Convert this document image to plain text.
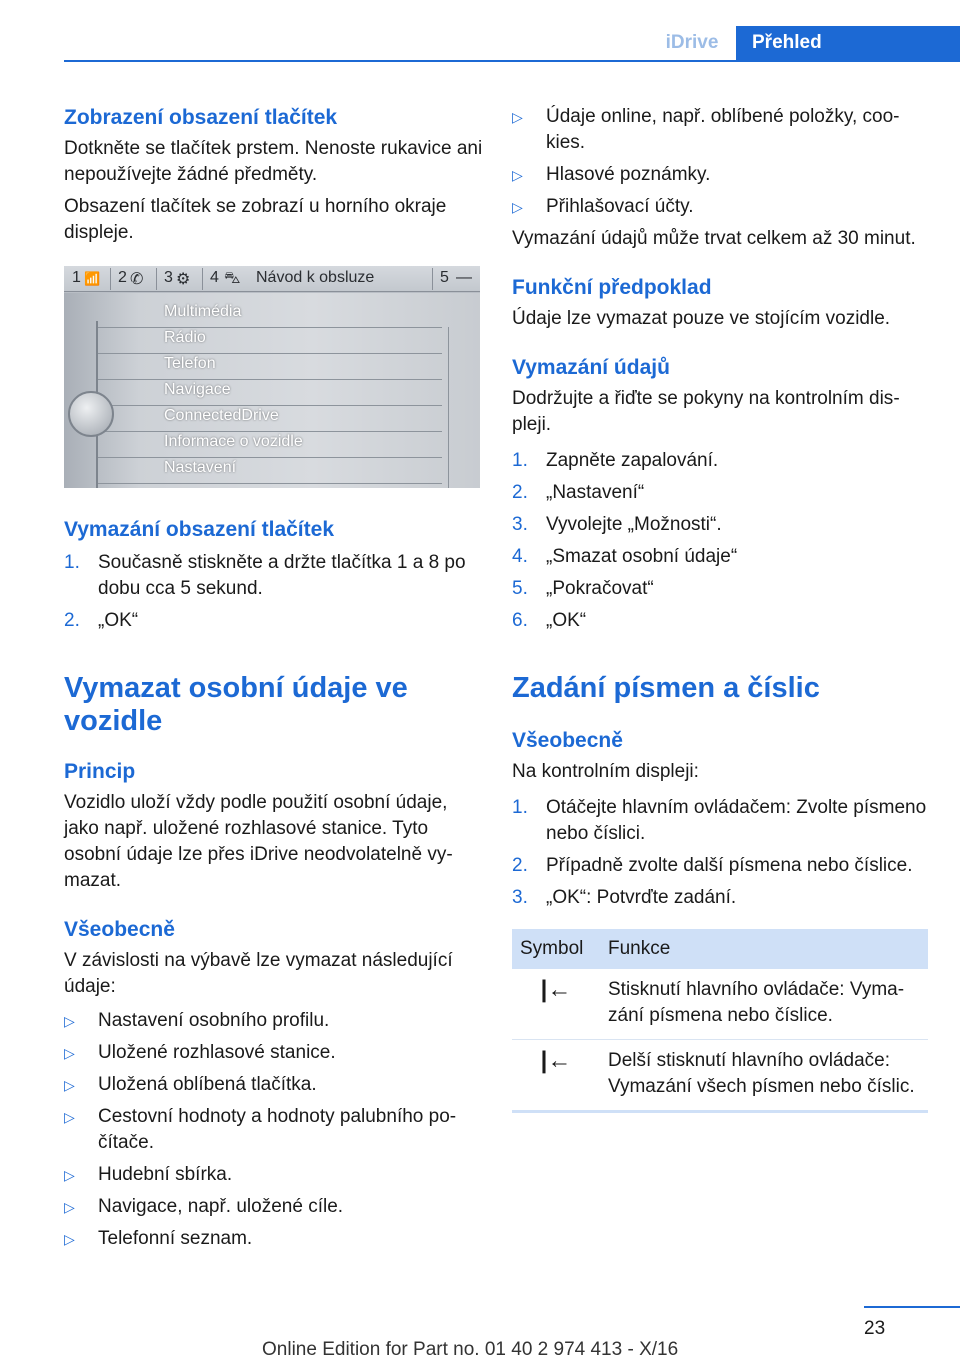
iDrive	Přehled
Zobrazení obsazení tlačítek
Dotkněte se tlačítek prstem. Nenoste rukavice ani nepoužívejte žádné předměty.
Obsazení tlačítek se zobrazí u horního okraje displeje.
1 📶 2 ✆ 3 ⚙ 4 ⛍ Návod k obsluze	5 —
Multimédia
Rádio
Telefon
Navigace
ConnectedDrive
Informace o vozidle
Nastavení
Vymazání obsazení tlačítek
1. Současně stiskněte a držte tlačítka 1 a 8 po dobu cca 5 sekund.
2. „OK“
Vymazat osobní údaje ve vozidle
Princip
Vozidlo uloží vždy podle použití osobní údaje, jako např. uložené rozhlasové stanice. Tyto osobní údaje lze přes iDrive neodvolatelně vymazat.
Všeobecně
V závislosti na výbavě lze vymazat následující údaje:
▷ Nastavení osobního profilu.
▷ Uložené rozhlasové stanice.
▷ Uložená oblíbená tlačítka.
▷ Cestovní hodnoty a hodnoty palubního počítače.
▷ Hudební sbírka.
▷ Navigace, např. uložené cíle.
▷ Telefonní seznam.
▷ Údaje online, např. oblíbené položky, cookies.
▷ Hlasové poznámky.
▷ Přihlašovací účty.
Vymazání údajů může trvat celkem až 30 minut.
Funkční předpoklad
Údaje lze vymazat pouze ve stojícím vozidle.
Vymazání údajů
Dodržujte a řiďte se pokyny na kontrolním displeji.
1. Zapněte zapalování.
2. „Nastavení“
3. Vyvolejte „Možnosti“.
4. „Smazat osobní údaje“
5. „Pokračovat“
6. „OK“
Zadání písmen a číslic
Všeobecně
Na kontrolním displeji:
1. Otáčejte hlavním ovládačem: Zvolte písmeno nebo číslici.
2. Případně zvolte další písmena nebo číslice.
3. „OK“: Potvrďte zadání.
Symbol	Funkce
|←	Stisknutí hlavního ovládače: Vymazání písmena nebo číslice.
|←	Delší stisknutí hlavního ovládače: Vymazání všech písmen nebo číslic.
23
Online Edition for Part no. 01 40 2 974 413 - X/16
